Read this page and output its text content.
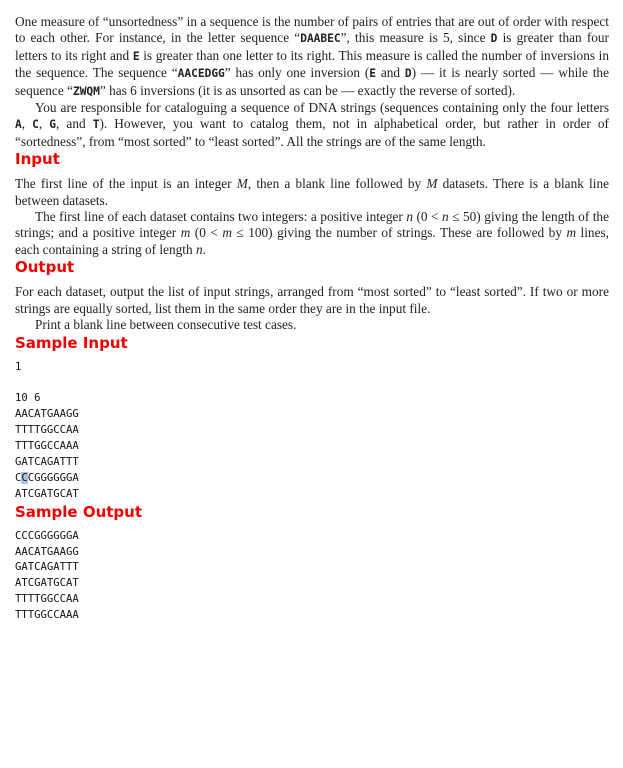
One measure of “unsortedness” in a sequence is the number of pairs of entries that are out of order with respect to each other. For instance, in the letter sequence “DAABEC”, this measure is 5, since D is greater than four letters to its right and E is greater than one letter to its right. This measure is called the number of inversions in the sequence. The sequence “AACEDGG” has only one inversion (E and D) — it is nearly sorted — while the sequence “ZWQM” has 6 inversions (it is as unsorted as can be — exactly the reverse of sorted).

You are responsible for cataloguing a sequence of DNA strings (sequences containing only the four letters A, C, G, and T). However, you want to catalog them, not in alphabetical order, but rather in order of “sortedness”, from “most sorted” to “least sorted”. All the strings are of the same length.

Input

The first line of the input is an integer M, then a blank line followed by M datasets. There is a blank line between datasets.

The first line of each dataset contains two integers: a positive integer n (0 < n ≤ 50) giving the length of the strings; and a positive integer m (0 < m ≤ 100) giving the number of strings. These are followed by m lines, each containing a string of length n.

Output

For each dataset, output the list of input strings, arranged from “most sorted” to “least sorted”. If two or more strings are equally sorted, list them in the same order they are in the input file.

Print a blank line between consecutive test cases.

Sample Input
1
10 6
AACATGAAGG
TTTTGGCCAA
TTTGGCCAAA
GATCAGATTT
CCCGGGGGGA
ATCGATGCAT
Sample Output
CCCGGGGGGA
AACATGAAGG
GATCAGATTT
ATCGATGCAT
TTTTGGCCAA
TTTGGCCAAA
